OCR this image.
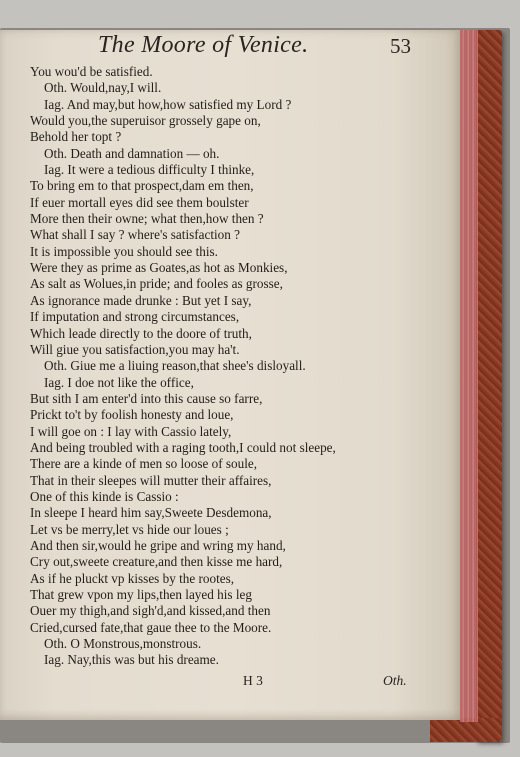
The Moore of Venice.	53
You wou'd be satisfied.
Oth. Would,nay,I will.
Iag. And may,but how,how satisfied my Lord ?
Would you,the superuisor grossely gape on,
Behold her topt ?
Oth. Death and damnation — oh.
Iag. It were a tedious difficulty I thinke,
To bring em to that prospect,dam em then,
If euer mortall eyes did see them boulster
More then their owne; what then,how then ?
What shall I say ? where's satisfaction ?
It is impossible you should see this.
Were they as prime as Goates,as hot as Monkies,
As salt as Wolues,in pride; and fooles as grosse,
As ignorance made drunke : But yet I say,
If imputation and strong circumstances,
Which leade directly to the doore of truth,
Will giue you satisfaction,you may ha't.
Oth. Giue me a liuing reason,that shee's disloyall.
Iag. I doe not like the office,
But sith I am enter'd into this cause so farre,
Prickt to't by foolish honesty and loue,
I will goe on : I lay with Cassio lately,
And being troubled with a raging tooth,I could not sleepe,
There are a kinde of men so loose of soule,
That in their sleepes will mutter their affaires,
One of this kinde is Cassio :
In sleepe I heard him say,Sweete Desdemona,
Let vs be merry,let vs hide our loues ;
And then sir,would he gripe and wring my hand,
Cry out,sweete creature,and then kisse me hard,
As if he pluckt vp kisses by the rootes,
That grew vpon my lips,then layed his leg
Ouer my thigh,and sigh'd,and kissed,and then
Cried,cursed fate,that gaue thee to the Moore.
Oth. O Monstrous,monstrous.
Iag. Nay,this was but his dreame.
H 3	Oth.
